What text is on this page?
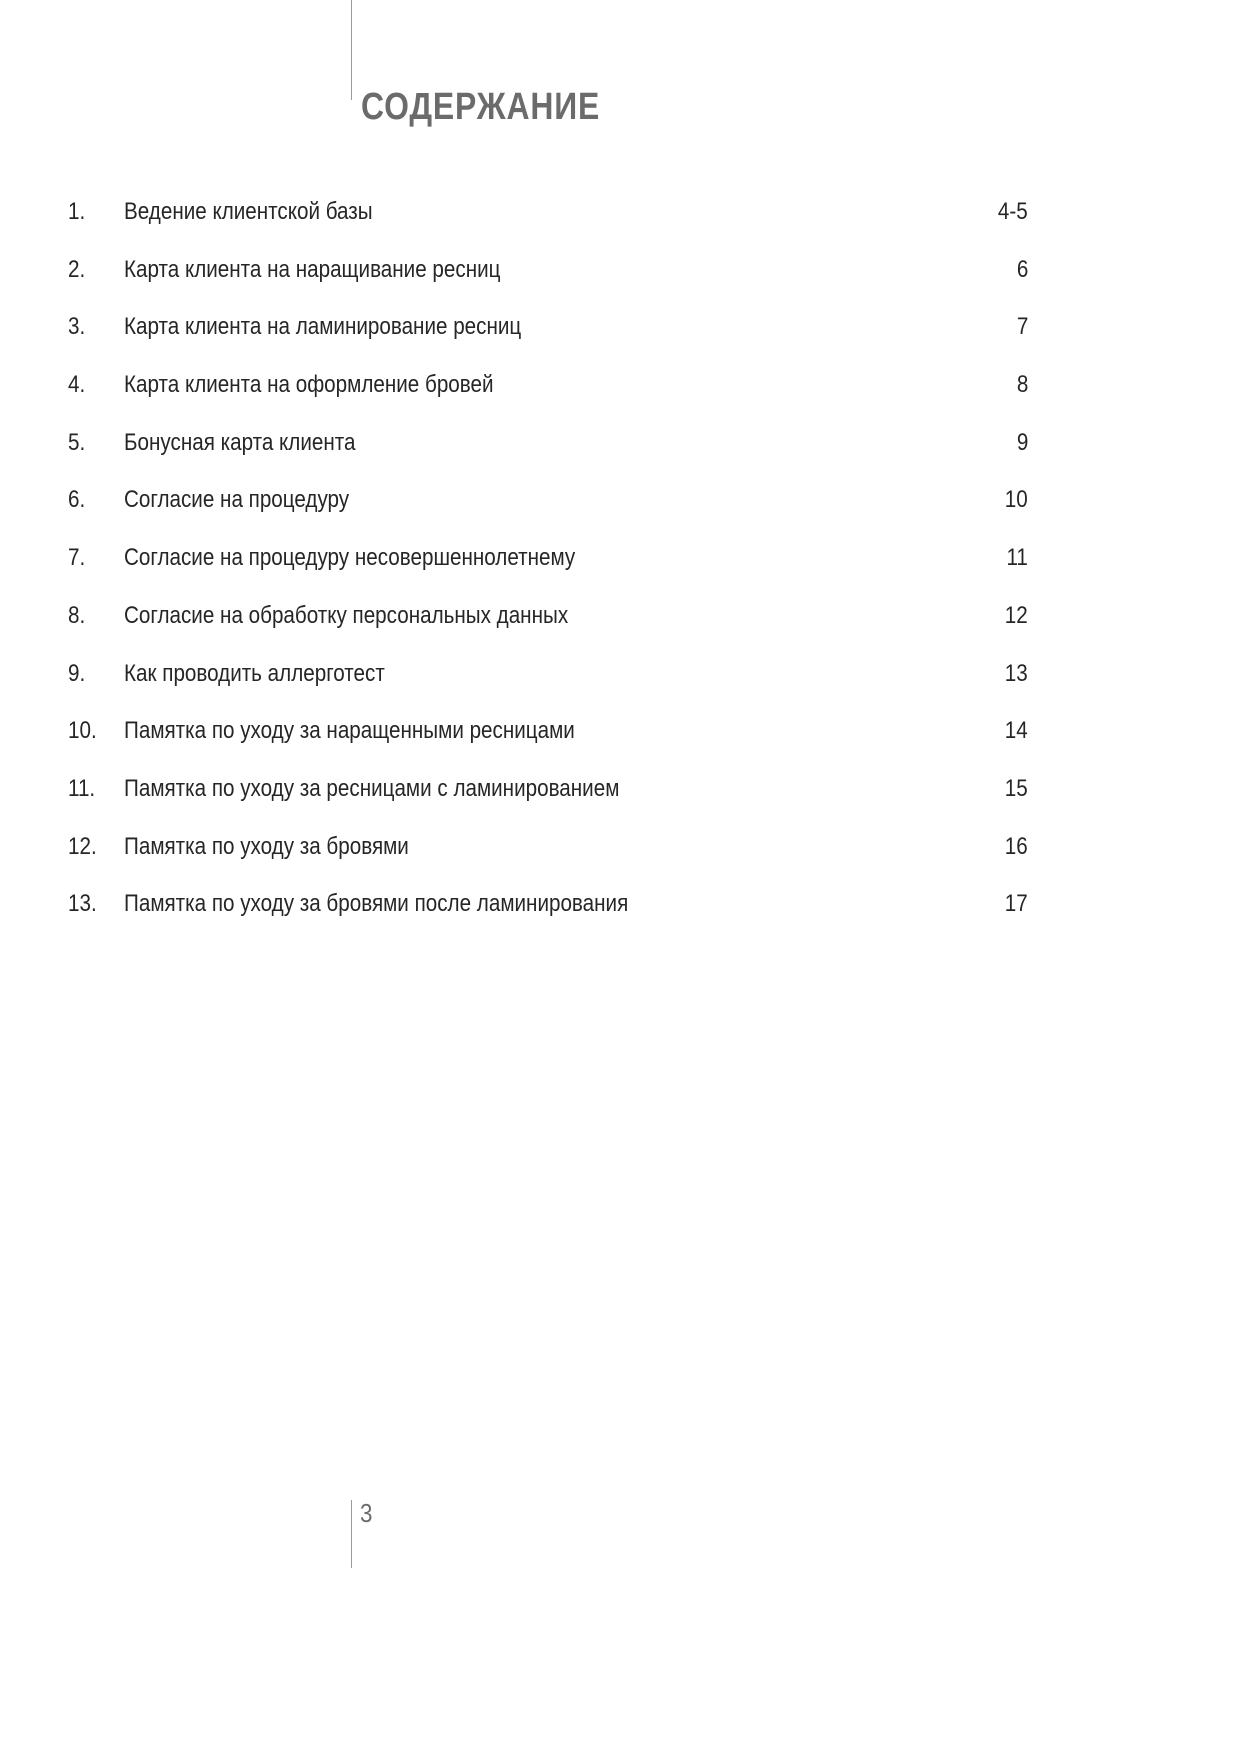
СОДЕРЖАНИЕ
1. Ведение клиентской базы	4-5
2. Карта клиента на наращивание ресниц	6
3. Карта клиента на ламинирование ресниц	7
4. Карта клиента на оформление бровей	8
5. Бонусная карта клиента	9
6. Согласие на процедуру	10
7. Согласие на процедуру несовершеннолетнему	11
8. Согласие на обработку персональных данных	12
9. Как проводить аллерготест	13
10. Памятка по уходу за наращенными ресницами	14
11. Памятка по уходу за ресницами с ламинированием	15
12. Памятка по уходу за бровями	16
13. Памятка по уходу за бровями после ламинирования	17
3
